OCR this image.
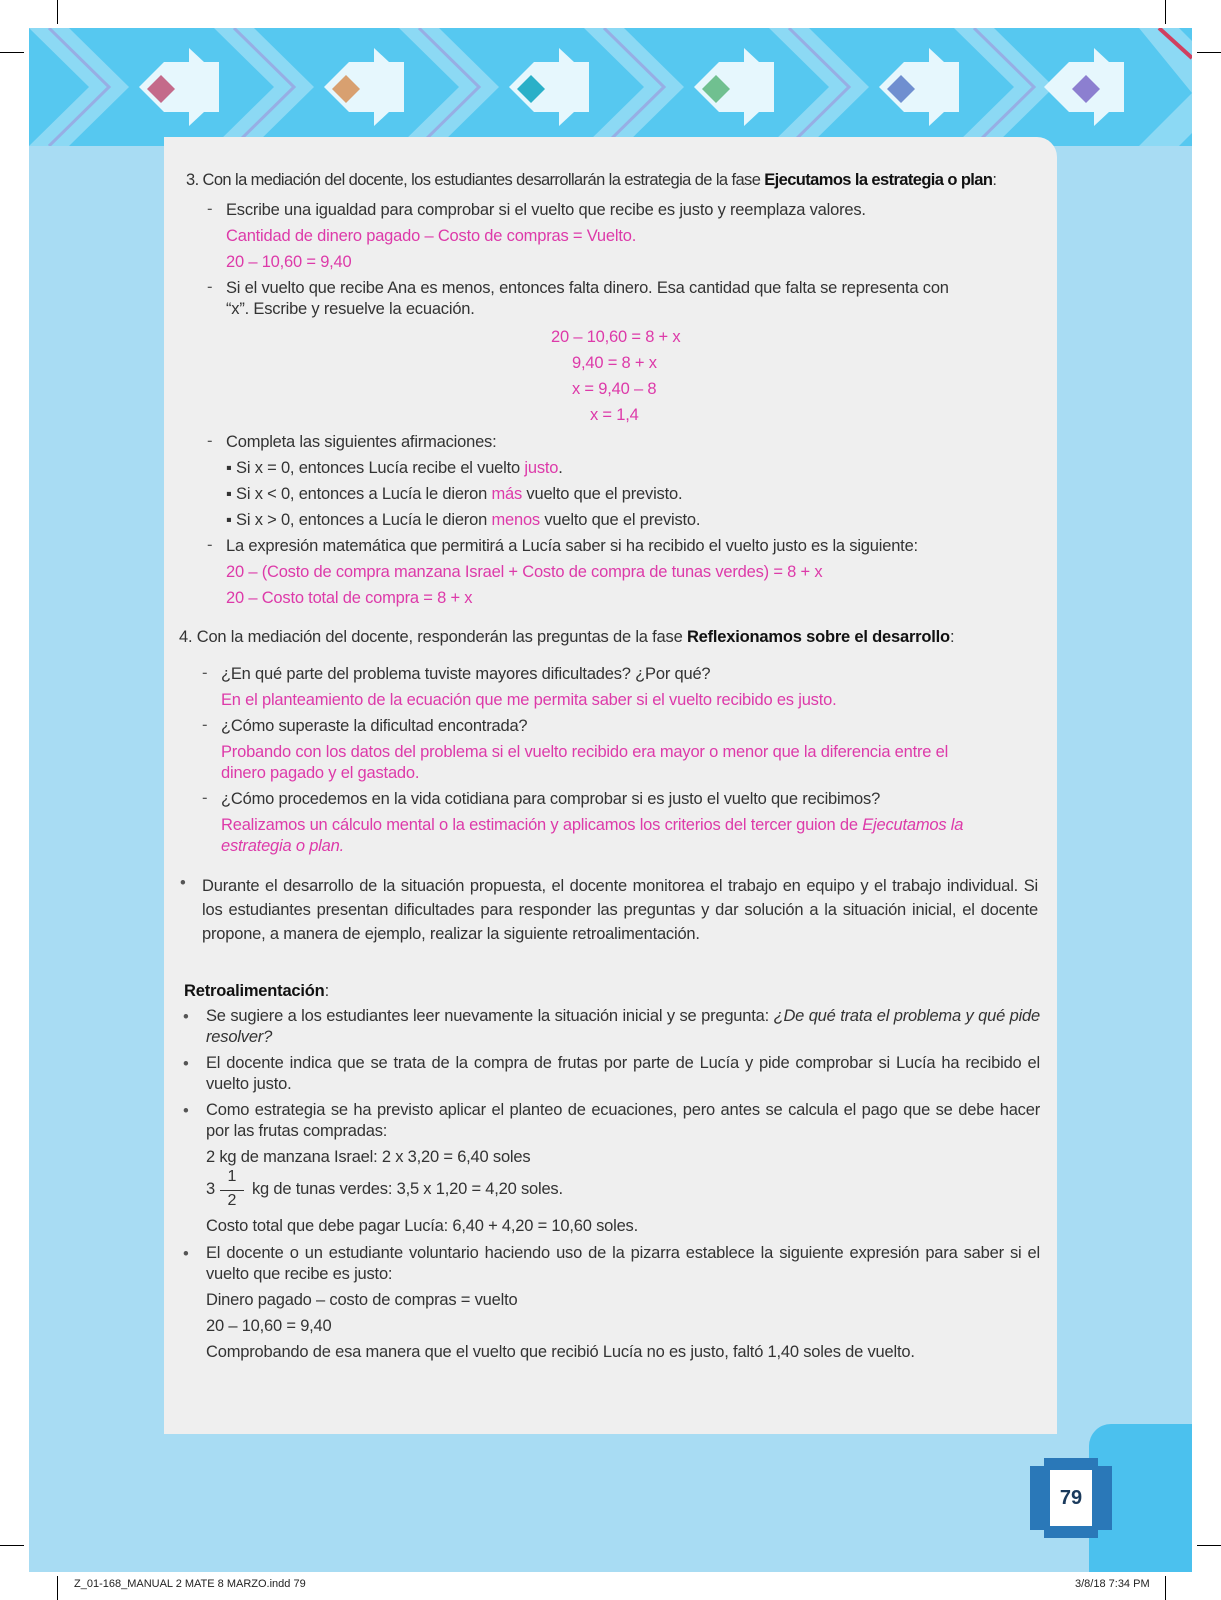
79
3. Con la mediación del docente, los estudiantes desarrollarán la estrategia de la fase Ejecutamos la estrategia o plan:
- Escribe una igualdad para comprobar si el vuelto que recibe es justo y reemplaza valores.
Cantidad de dinero pagado – Costo de compras = Vuelto.
20 – 10,60 = 9,40
- Si el vuelto que recibe Ana es menos, entonces falta dinero. Esa cantidad que falta se representa con
“x”. Escribe y resuelve la ecuación.
20 – 10,60 = 8 + x
9,40 = 8 + x
x = 9,40 – 8
x = 1,4
- Completa las siguientes afirmaciones:
▪ Si x = 0, entonces Lucía recibe el vuelto justo.
▪ Si x < 0, entonces a Lucía le dieron más vuelto que el previsto.
▪ Si x > 0, entonces a Lucía le dieron menos vuelto que el previsto.
- La expresión matemática que permitirá a Lucía saber si ha recibido el vuelto justo es la siguiente:
20 – (Costo de compra manzana Israel + Costo de compra de tunas verdes) = 8 + x
20 – Costo total de compra = 8 + x
4. Con la mediación del docente, responderán las preguntas de la fase Reflexionamos sobre el desarrollo:
- ¿En qué parte del problema tuviste mayores dificultades? ¿Por qué?
En el planteamiento de la ecuación que me permita saber si el vuelto recibido es justo.
- ¿Cómo superaste la dificultad encontrada?
Probando con los datos del problema si el vuelto recibido era mayor o menor que la diferencia entre el
dinero pagado y el gastado.
- ¿Cómo procedemos en la vida cotidiana para comprobar si es justo el vuelto que recibimos?
Realizamos un cálculo mental o la estimación y aplicamos los criterios del tercer guion de Ejecutamos la
estrategia o plan.
• Durante el desarrollo de la situación propuesta, el docente monitorea el trabajo en equipo y el trabajo individual. Si los estudiantes presentan dificultades para responder las preguntas y dar solución a la situación inicial, el docente propone, a manera de ejemplo, realizar la siguiente retroalimentación.
Retroalimentación:
• Se sugiere a los estudiantes leer nuevamente la situación inicial y se pregunta: ¿De qué trata el problema y qué pide resolver?
• El docente indica que se trata de la compra de frutas por parte de Lucía y pide comprobar si Lucía ha recibido el vuelto justo.
• Como estrategia se ha previsto aplicar el planteo de ecuaciones, pero antes se calcula el pago que se debe hacer por las frutas compradas:
2 kg de manzana Israel: 2 x 3,20 = 6,40 soles
3
1
2
kg de tunas verdes: 3,5 x 1,20 = 4,20 soles.
Costo total que debe pagar Lucía: 6,40 + 4,20 = 10,60 soles.
• El docente o un estudiante voluntario haciendo uso de la pizarra establece la siguiente expresión para saber si el vuelto que recibe es justo:
Dinero pagado – costo de compras = vuelto
20 – 10,60 = 9,40
Comprobando de esa manera que el vuelto que recibió Lucía no es justo, faltó 1,40 soles de vuelto.
Z_01-168_MANUAL 2 MATE 8 MARZO.indd 79	3/8/18 7:34 PM
